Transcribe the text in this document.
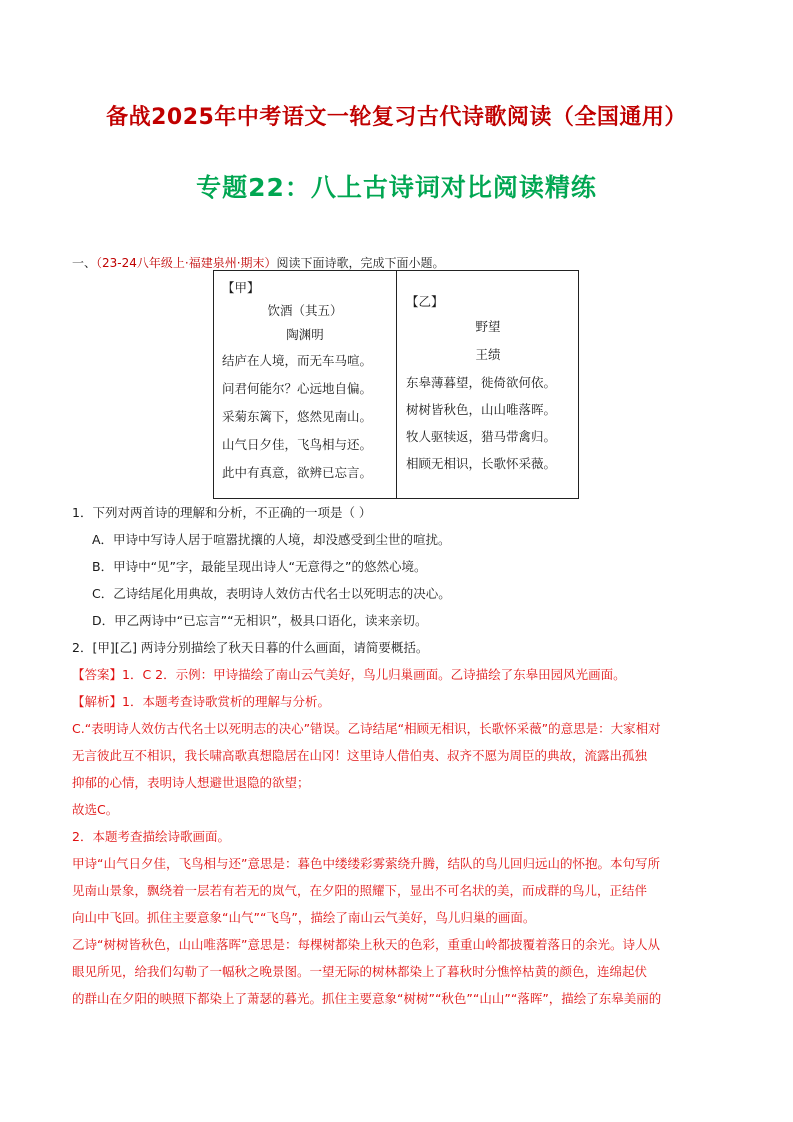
备战2025年中考语文一轮复习古代诗歌阅读（全国通用）
专题22：八上古诗词对比阅读精练
一、（23-24八年级上·福建泉州·期末）阅读下面诗歌，完成下面小题。
【甲】
饮酒（其五）
陶渊明
结庐在人境，而无车马喧。
问君何能尔？心远地自偏。
采菊东篱下，悠然见南山。
山气日夕佳，飞鸟相与还。
此中有真意，欲辨已忘言。
【乙】
野望
王绩
东皋薄暮望，徙倚欲何依。
树树皆秋色，山山唯落晖。
牧人驱犊返，猎马带禽归。
相顾无相识，长歌怀采薇。
1．下列对两首诗的理解和分析，不正确的一项是（ ）
A．甲诗中写诗人居于喧嚣扰攘的人境，却没感受到尘世的喧扰。
B．甲诗中“见”字，最能呈现出诗人“无意得之”的悠然心境。
C．乙诗结尾化用典故，表明诗人效仿古代名士以死明志的决心。
D．甲乙两诗中“已忘言”“无相识”，极具口语化，读来亲切。
2．[甲][乙] 两诗分别描绘了秋天日暮的什么画面，请简要概括。
【答案】1．C 2．示例：甲诗描绘了南山云气美好，鸟儿归巢画面。乙诗描绘了东皋田园风光画面。
【解析】1．本题考查诗歌赏析的理解与分析。
C.“表明诗人效仿古代名士以死明志的决心”错误。乙诗结尾“相顾无相识，长歌怀采薇”的意思是：大家相对
无言彼此互不相识，我长啸高歌真想隐居在山冈！这里诗人借伯夷、叔齐不愿为周臣的典故，流露出孤独
抑郁的心情，表明诗人想避世退隐的欲望；
故选C。
2．本题考查描绘诗歌画面。
甲诗“山气日夕佳，飞鸟相与还”意思是：暮色中缕缕彩雾萦绕升腾，结队的鸟儿回归远山的怀抱。本句写所
见南山景象，飘绕着一层若有若无的岚气，在夕阳的照耀下，显出不可名状的美，而成群的鸟儿，正结伴
向山中飞回。抓住主要意象“山气”“飞鸟”，描绘了南山云气美好，鸟儿归巢的画面。
乙诗“树树皆秋色，山山唯落晖”意思是：每棵树都染上秋天的色彩，重重山岭都披覆着落日的余光。诗人从
眼见所见，给我们勾勒了一幅秋之晚景图。一望无际的树林都染上了暮秋时分憔悴枯黄的颜色，连绵起伏
的群山在夕阳的映照下都染上了萧瑟的暮光。抓住主要意象“树树”“秋色”“山山”“落晖”，描绘了东皋美丽的
